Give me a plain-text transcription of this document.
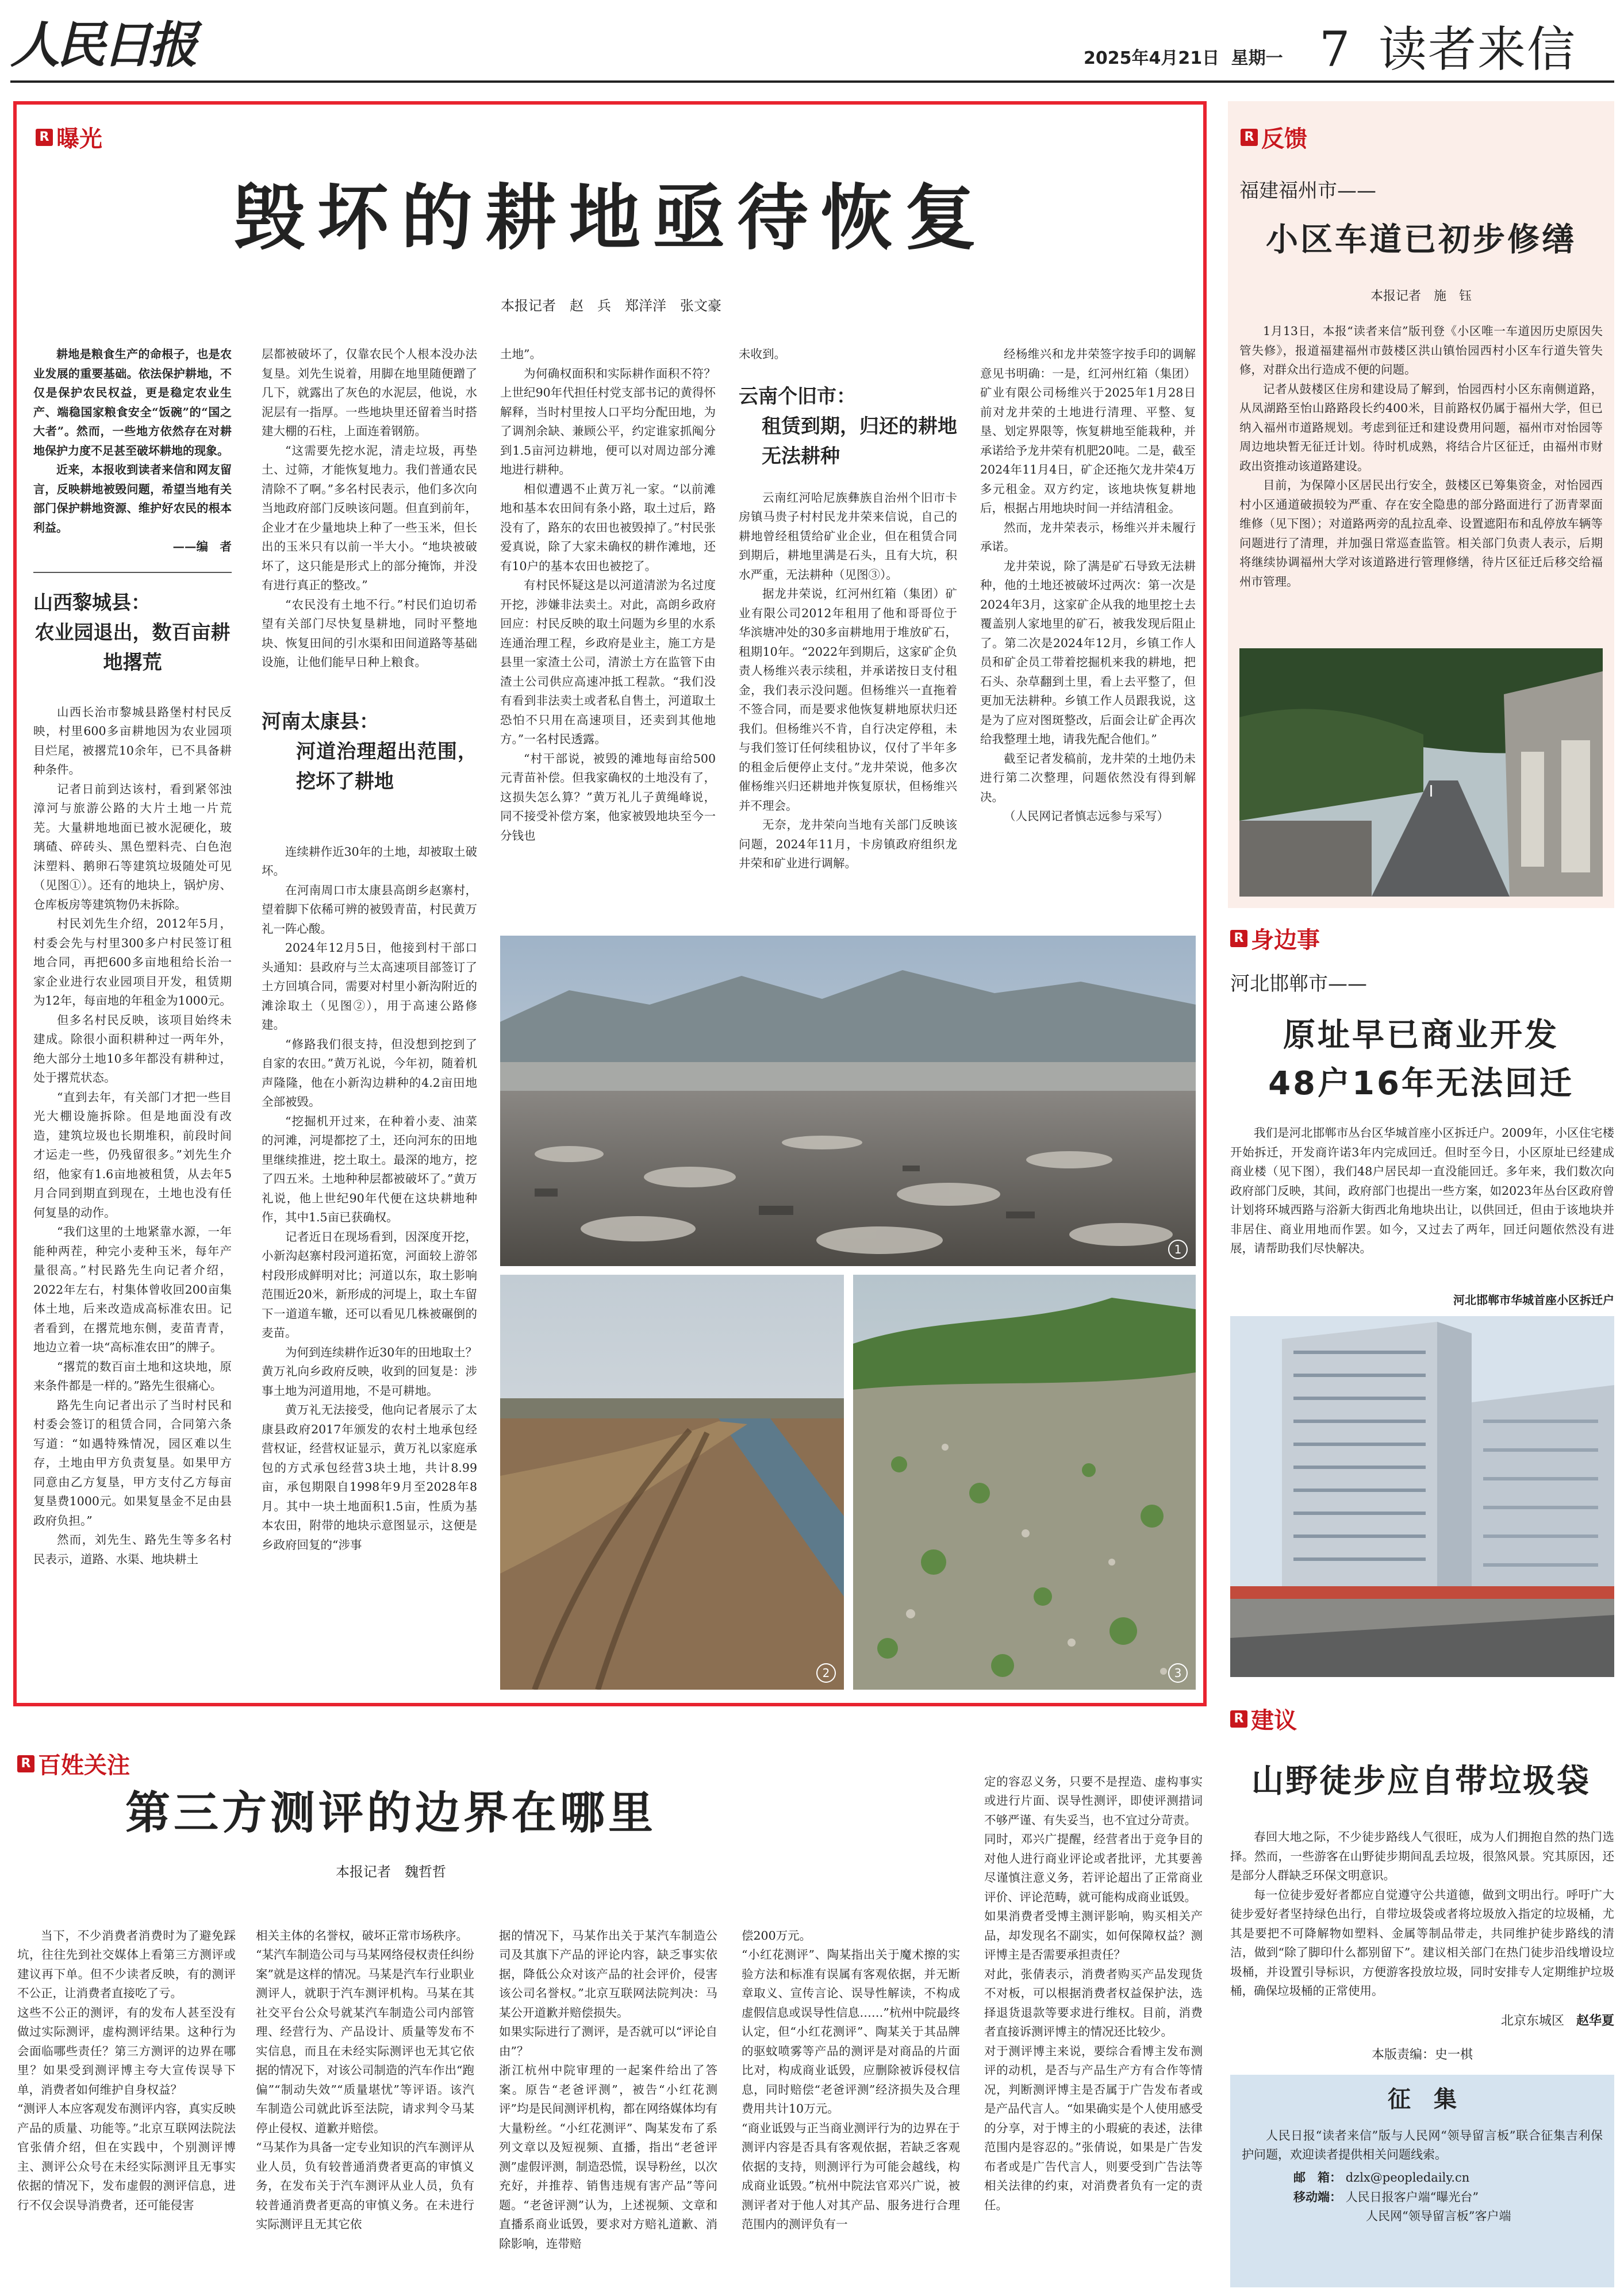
人民日报	2025年4月21日 星期一 7 读者来信
R 曝光
毁坏的耕地亟待恢复
本报记者　赵　兵　郑洋洋　张文豪

耕地是粮食生产的命根子，也是农业发展的重要基础。依法保护耕地，不仅是保护农民权益，更是稳定农业生产、端稳国家粮食安全“饭碗”的“国之大者”。然而，一些地方依然存在对耕地保护力度不足甚至破坏耕地的现象。

近来，本报收到读者来信和网友留言，反映耕地被毁问题，希望当地有关部门保护耕地资源、维护好农民的根本利益。

——编　者

山西黎城县：
农业园退出，数百亩耕地撂荒

山西长治市黎城县路堡村村民反映，村里600多亩耕地因为农业园项目烂尾，被撂荒10余年，已不具备耕种条件。

记者日前到达该村，看到紧邻浊漳河与旅游公路的大片土地一片荒芜。大量耕地地面已被水泥硬化，玻璃碴、碎砖头、黑色塑料壳、白色泡沫塑料、鹅卵石等建筑垃圾随处可见（见图①）。还有的地块上，锅炉房、仓库板房等建筑物仍未拆除。

村民刘先生介绍，2012年5月，村委会先与村里300多户村民签订租地合同，再把600多亩地租给长治一家企业进行农业园项目开发，租赁期为12年，每亩地的年租金为1000元。

但多名村民反映，该项目始终未建成。除很小面积耕种过一两年外，绝大部分土地10多年都没有耕种过，处于撂荒状态。

“直到去年，有关部门才把一些目光大棚设施拆除。但是地面没有改造，建筑垃圾也长期堆积，前段时间才运走一些，仍残留很多。”刘先生介绍，他家有1.6亩地被租赁，从去年5月合同到期直到现在，土地也没有任何复垦的动作。

“我们这里的土地紧靠水源，一年能种两茬，种完小麦种玉米，每年产量很高。”村民路先生向记者介绍，2022年左右，村集体曾收回200亩集体土地，后来改造成高标准农田。记者看到，在撂荒地东侧，麦苗青青，地边立着一块“高标准农田”的牌子。

“撂荒的数百亩土地和这块地，原来条件都是一样的。”路先生很痛心。

路先生向记者出示了当时村民和村委会签订的租赁合同，合同第六条写道：“如遇特殊情况，园区难以生存，土地由甲方负责复垦。如果甲方同意由乙方复垦，甲方支付乙方每亩复垦费1000元。如果复垦金不足由县政府负担。”

然而，刘先生、路先生等多名村民表示，道路、水渠、地块耕土

层都被破坏了，仅靠农民个人根本没办法复垦。刘先生说着，用脚在地里随便蹭了几下，就露出了灰色的水泥层，他说，水泥层有一指厚。一些地块里还留着当时搭建大棚的石柱，上面连着钢筋。

“这需要先挖水泥，清走垃圾，再垫土、过筛，才能恢复地力。我们普通农民清除不了啊。”多名村民表示，他们多次向当地政府部门反映该问题。但直到前年，企业才在少量地块上种了一些玉米，但长出的玉米只有以前一半大小。“地块被破坏了，这只能是形式上的部分掩饰，并没有进行真正的整改。”

“农民没有土地不行。”村民们迫切希望有关部门尽快复垦耕地，同时平整地块、恢复田间的引水渠和田间道路等基础设施，让他们能早日种上粮食。

河南太康县：
河道治理超出范围，挖坏了耕地

连续耕作近30年的土地，却被取土破坏。

在河南周口市太康县高朗乡赵寨村，望着脚下依稀可辨的被毁青苗，村民黄万礼一阵心酸。

2024年12月5日，他接到村干部口头通知：县政府与兰太高速项目部签订了土方回填合同，需要对村里小新沟附近的滩涂取土（见图②），用于高速公路修建。

“修路我们很支持，但没想到挖到了自家的农田。”黄万礼说，今年初，随着机声隆隆，他在小新沟边耕种的4.2亩田地全部被毁。

“挖掘机开过来，在种着小麦、油菜的河滩，河堤都挖了土，还向河东的田地里继续推进，挖土取土。最深的地方，挖了四五米。土地种种层都被破坏了。”黄万礼说，他上世纪90年代便在这块耕地种作，其中1.5亩已获确权。

记者近日在现场看到，因深度开挖，小新沟赵寨村段河道拓宽，河面较上游邻村段形成鲜明对比；河道以东，取土影响范围近20米，新形成的河堤上，取土车留下一道道车辙，还可以看见几株被碾倒的麦苗。

为何到连续耕作近30年的田地取土？黄万礼向乡政府反映，收到的回复是：涉事土地为河道用地，不是可耕地。

黄万礼无法接受，他向记者展示了太康县政府2017年颁发的农村土地承包经营权证，经营权证显示，黄万礼以家庭承包的方式承包经营3块土地，共计8.99亩，承包期限自1998年9月至2028年8月。其中一块土地面积1.5亩，性质为基本农田，附带的地块示意图显示，这便是乡政府回复的“涉事

土地”。

为何确权面积和实际耕作面积不符？上世纪90年代担任村党支部书记的黄得怀解释，当时村里按人口平均分配田地，为了调剂余缺、兼顾公平，约定谁家抓阄分到1.5亩河边耕地，便可以对周边部分滩地进行耕种。

相似遭遇不止黄万礼一家。“以前滩地和基本农田间有条小路，取土过后，路没有了，路东的农田也被毁掉了。”村民张爱真说，除了大家未确权的耕作滩地，还有10户的基本农田也被挖了。

有村民怀疑这是以河道清淤为名过度开挖，涉嫌非法卖土。对此，高朗乡政府回应：村民反映的取土问题为乡里的水系连通治理工程，乡政府是业主，施工方是县里一家渣土公司，清淤土方在监管下由渣土公司供应高速冲抵工程款。“我们没有看到非法卖土或者私自售土，河道取土恐怕不只用在高速项目，还卖到其他地方。”一名村民透露。

“村干部说，被毁的滩地每亩给500元青苗补偿。但我家确权的土地没有了，这损失怎么算？”黄万礼儿子黄绳峰说，同不接受补偿方案，他家被毁地块至今一分钱也

未收到。

云南个旧市：
租赁到期，归还的耕地无法耕种

云南红河哈尼族彝族自治州个旧市卡房镇马贵子村村民龙井荣来信说，自己的耕地曾经租赁给矿业企业，但在租赁合同到期后，耕地里满是石头，且有大坑，积水严重，无法耕种（见图③）。

据龙井荣说，红河州红箱（集团）矿业有限公司2012年租用了他和哥哥位于华滨塘冲处的30多亩耕地用于堆放矿石，租期10年。“2022年到期后，这家矿企负责人杨维兴表示续租，并承诺按日支付租金，我们表示没问题。但杨维兴一直拖着不签合同，而是要求他恢复耕地原状归还我们。但杨维兴不肯，自行决定停租，未与我们签订任何续租协议，仅付了半年多的租金后便停止支付。”龙井荣说，他多次催杨维兴归还耕地并恢复原状，但杨维兴并不理会。

无奈，龙井荣向当地有关部门反映该问题，2024年11月，卡房镇政府组织龙井荣和矿业进行调解。

经杨维兴和龙井荣签字按手印的调解意见书明确：一是，红河州红箱（集团）矿业有限公司杨维兴于2025年1月28日前对龙井荣的土地进行清理、平整、复垦、划定界限等，恢复耕地至能栽种，并承诺给予龙井荣有机肥20吨。二是，截至2024年11月4日，矿企还拖欠龙井荣4万多元租金。双方约定，该地块恢复耕地后，根据占用地块时间一并结清租金。

然而，龙井荣表示，杨维兴并未履行承诺。

龙井荣说，除了满是矿石导致无法耕种，他的土地还被破坏过两次：第一次是2024年3月，这家矿企从我的地里挖土去覆盖别人家地里的矿石，被我发现后阻止了。第二次是2024年12月，乡镇工作人员和矿企员工带着挖掘机来我的耕地，把石头、杂草翻到土里，看上去平整了，但更加无法耕种。乡镇工作人员跟我说，这是为了应对图斑整改，后面会让矿企再次给我整理土地，请我先配合他们。”

截至记者发稿前，龙井荣的土地仍未进行第二次整理，问题依然没有得到解决。

（人民网记者慎志远参与采写）

1
2	3
R 反馈
福建福州市——
小区车道已初步修缮
本报记者　施　钰

1月13日，本报“读者来信”版刊登《小区唯一车道因历史原因失管失修》，报道福建福州市鼓楼区洪山镇怡园西村小区车行道失管失修，对群众出行造成不便的问题。

记者从鼓楼区住房和建设局了解到，怡园西村小区东南侧道路，从凤湖路至怡山路路段长约400米，目前路权仍属于福州大学，但已纳入福州市道路规划。考虑到征迁和建设费用问题，福州市对怡园等周边地块暂无征迁计划。待时机成熟，将结合片区征迁，由福州市财政出资推动该道路建设。

目前，为保障小区居民出行安全，鼓楼区已筹集资金，对怡园西村小区通道破损较为严重、存在安全隐患的部分路面进行了沥青翠面维修（见下图）；对道路两旁的乱拉乱牵、设置遮阳布和乱停放车辆等问题进行了清理，并加强日常巡查监管。相关部门负责人表示，后期将继续协调福州大学对该道路进行管理修缮，待片区征迁后移交给福州市管理。

R 身边事
河北邯郸市——
原址早已商业开发
48户16年无法回迁

我们是河北邯郸市丛台区华城首座小区拆迁户。2009年，小区住宅楼开始拆迁，开发商许诺3年内完成回迁。但时至今日，小区原址已经建成商业楼（见下图），我们48户居民却一直没能回迁。多年来，我们数次向政府部门反映，其间，政府部门也提出一些方案，如2023年丛台区政府曾计划将环城西路与浴新大街西北角地块出让，以供回迁，但由于该地块并非居住、商业用地而作罢。如今，又过去了两年，回迁问题依然没有进展，请帮助我们尽快解决。

河北邯郸市华城首座小区拆迁户
R 建议
山野徒步应自带垃圾袋

春回大地之际，不少徒步路线人气很旺，成为人们拥抱自然的热门选择。然而，一些游客在山野徒步期间乱丢垃圾，很煞风景。究其原因，还是部分人群缺乏环保文明意识。

每一位徒步爱好者都应自觉遵守公共道德，做到文明出行。呼吁广大徒步爱好者坚持绿色出行，自带垃圾袋或者将垃圾放入指定的垃圾桶，尤其是要把不可降解物如塑料、金属等制品带走，共同维护徒步路线的清洁，做到“除了脚印什么都别留下”。建议相关部门在热门徒步沿线增设垃圾桶，并设置引导标识，方便游客投放垃圾，同时安排专人定期维护垃圾桶，确保垃圾桶的正常使用。

北京东城区 赵华夏
本版责编：史一棋
征　集
人民日报“读者来信”版与人民网“领导留言板”联合征集吉利保护问题，欢迎读者提供相关问题线索。
邮　箱： dzlx@peopledaily.cn
移动端： 人民日报客户端“曝光台”
人民网“领导留言板”客户端
R 百姓关注
第三方测评的边界在哪里
本报记者　魏哲哲

当下，不少消费者消费时为了避免踩坑，往往先到社交媒体上看第三方测评或建议再下单。但不少读者反映，有的测评不公正，让消费者直接吃了亏。
这些不公正的测评，有的发布人甚至没有做过实际测评，虚构测评结果。这种行为会面临哪些责任？第三方测评的边界在哪里？如果受到测评博主夸大宣传误导下单，消费者如何维护自身权益？
“测评人本应客观发布测评内容，真实反映产品的质量、功能等。”北京互联网法院法官张倩介绍，但在实践中，个别测评博主、测评公众号在未经实际测评且无事实依据的情况下，发布虚假的测评信息，进行不仅会误导消费者，还可能侵害

相关主体的名誉权，破坏正常市场秩序。
“某汽车制造公司与马某网络侵权责任纠纷案”就是这样的情况。马某是汽车行业职业测评人，就职于汽车测评机构。马某在其社交平台公众号就某汽车制造公司内部管理、经营行为、产品设计、质量等发布不实信息，而且在未经实际测评也无其它依据的情况下，对该公司制造的汽车作出“跑偏”“制动失效”“质量堪忧”等评语。该汽车制造公司就此诉至法院，请求判令马某停止侵权、道歉并赔偿。
“马某作为具备一定专业知识的汽车测评从业人员，负有较普通消费者更高的审慎义务，在发布关于汽车测评从业人员，负有较普通消费者更高的审慎义务。在未进行实际测评且无其它依

据的情况下，马某作出关于某汽车制造公司及其旗下产品的评论内容，缺乏事实依据，降低公众对该产品的社会评价，侵害该公司名誉权。”北京互联网法院判决：马某公开道歉并赔偿损失。
如果实际进行了测评，是否就可以“评论自由”？
浙江杭州中院审理的一起案件给出了答案。原告“老爸评测”，被告“小红花测评”均是民间测评机构，都在网络媒体均有大量粉丝。“小红花测评”、陶某发布了系列文章以及短视频、直播，指出“老爸评测”虚假评测，制造恐慌，误导粉丝，以次充好，并推荐、销售违规有害产品”等问题。“老爸评测”认为，上述视频、文章和直播系商业诋毁，要求对方赔礼道歉、消除影响，连带赔

偿200万元。
“小红花测评”、陶某指出关于魔术擦的实验方法和标准有误属有客观依据，并无断章取义、宣传言论、误导性解读，不构成虚假信息或误导性信息……”杭州中院最终认定，但“小红花测评”、陶某关于其品牌的驱蚊喷雾等产品的测评是对商品的片面比对，构成商业诋毁，应删除被诉侵权信息，同时赔偿“老爸评测”经济损失及合理费用共计10万元。
“商业诋毁与正当商业测评行为的边界在于测评内容是否具有客观依据，若缺乏客观依据的支持，则测评行为可能会越线，构成商业诋毁。”杭州中院法官邓兴广说，被测评者对于他人对其产品、服务进行合理范围内的测评负有一

定的容忍义务，只要不是捏造、虚构事实或进行片面、误导性测评，即使评测措词不够严谨、有失妥当，也不宜过分苛责。
同时，邓兴广提醒，经营者出于竞争目的对他人进行商业评论或者批评，尤其要善尽谨慎注意义务，若评论超出了正常商业评价、评论范畴，就可能构成商业诋毁。
如果消费者受博主测评影响，购买相关产品，却发现名不副实，如何保障权益？测评博主是否需要承担责任？
对此，张倩表示，消费者购买产品发现货不对板，可以根据消费者权益保护法，选择退货退款等要求进行维权。目前，消费者直接诉测评博主的情况还比较少。
对于测评博主来说，要综合看博主发布测评的动机，是否与产品生产方有合作等情况，判断测评博主是否属于广告发布者或是产品代言人。“如果确实是个人使用感受的分享，对于博主的小瑕疵的表述，法律范围内是容忍的。”张倩说，如果是广告发布者或是广告代言人，则要受到广告法等相关法律的约束，对消费者负有一定的责任。
